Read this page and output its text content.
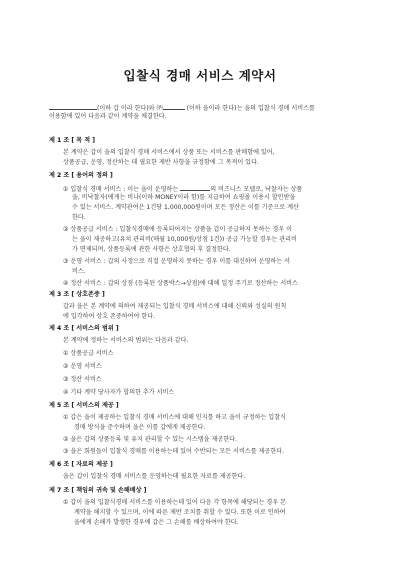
입찰식 경매 서비스 계약서
(이하 갑 이라 한다)와 ㈜	(이하 을이라 한다)는 을의 입찰식 경매 서비스를
이용함에 있어 다음과 같이 계약을 체결한다.
제 1 조 [ 목 적 ]
본 계약은 갑이 을의 입찰식 경매 서비스에서 상품 또는 서비스를 판매함에 있어,
상품공급, 운영, 정산하는 데 필요한 제반 사항을 규정함에 그 목적이 있다.
제 2 조 [ 용어의 정의 ]
① 입찰식 경매 서비스 : 이는 을이 운영하는	의 비즈니스 모델로, 낙찰자는 상품
을, 비낙찰자(에게는 비나(이하 MONEY이라 함)를 지급하여 쇼핑몰 이용시 할인받을
수 있는 서비스. 계약관여은 1건당 1,000,000원이며 모든 정산은 이를 기준으로 계산
한다.
② 상품공급 서비스 : 입찰식경매에 등록되어지는 상품을 갑이 공급하지 못하는 경우 이
는 을이 제공하고(유치 관리비(매월 10,000원/상점 1건)) 공급 가능할 경우는 관리비
가 면제되며, 상품등록에 관한 사항은 상호협의 후 결정한다.
③ 운영 서비스 : 갑의 사정으로 직접 운영하지 못하는 경우 이를 대신하여 운영하는 서
비스.
④ 정산 서비스 : 갑의 상점 (등록된 상품박스→상점)에 대해 일정 주기로 정산하는 서비스
제 3 조 [ 상호존중 ]
갑과 을은 본 계약에 의하여 제공되는 입찰식 경매 서비스에 대해 신뢰와 성실의 원칙
에 입각하여 상호 존중하여야 한다.
제 4 조 [ 서비스의 범위 ]
본 계약에 정하는 서비스의 범위는 다음과 같다.
① 상품공급 서비스
② 운영 서비스
③ 정산 서비스
④ 기타 계약 당사자가 합의한 추가 서비스
제 5 조 [ 서비스의 제공 ]
① 갑은 을이 제공하는 입찰식 경매 서비스에 대해 인지를 하고 을이 규정하는 입찰식
경매 방식을 준수하며 을은 이를 갑에게 제공한다.
② 을은 갑의 상품등록 및 유지 관리할 수 있는 시스템을 제공한다.
③ 을은 회원들이 입찰식 경매를 이용하는데 있어 수반되는 모든 서비스를 제공한다.
제 6 조 [ 자료의 제공 ]
을은 갑이 입찰식 경매 서비스를 운영하는데 필요한 자료를 제공한다.
제 7 조 [ 책임의 귀속 및 손해배상 ]
① 갑이 을의 입찰식경매 서비스를 이용하는데 있어 다음 각 항목에 해당되는 경우 본
계약을 해지할 수 있으며, 이에 따른 제반 조치를 취할 수 있다. 또한 이로 인하여
을에게 손해가 발생한 경우에 갑은 그 손해를 배상하여야 한다.
